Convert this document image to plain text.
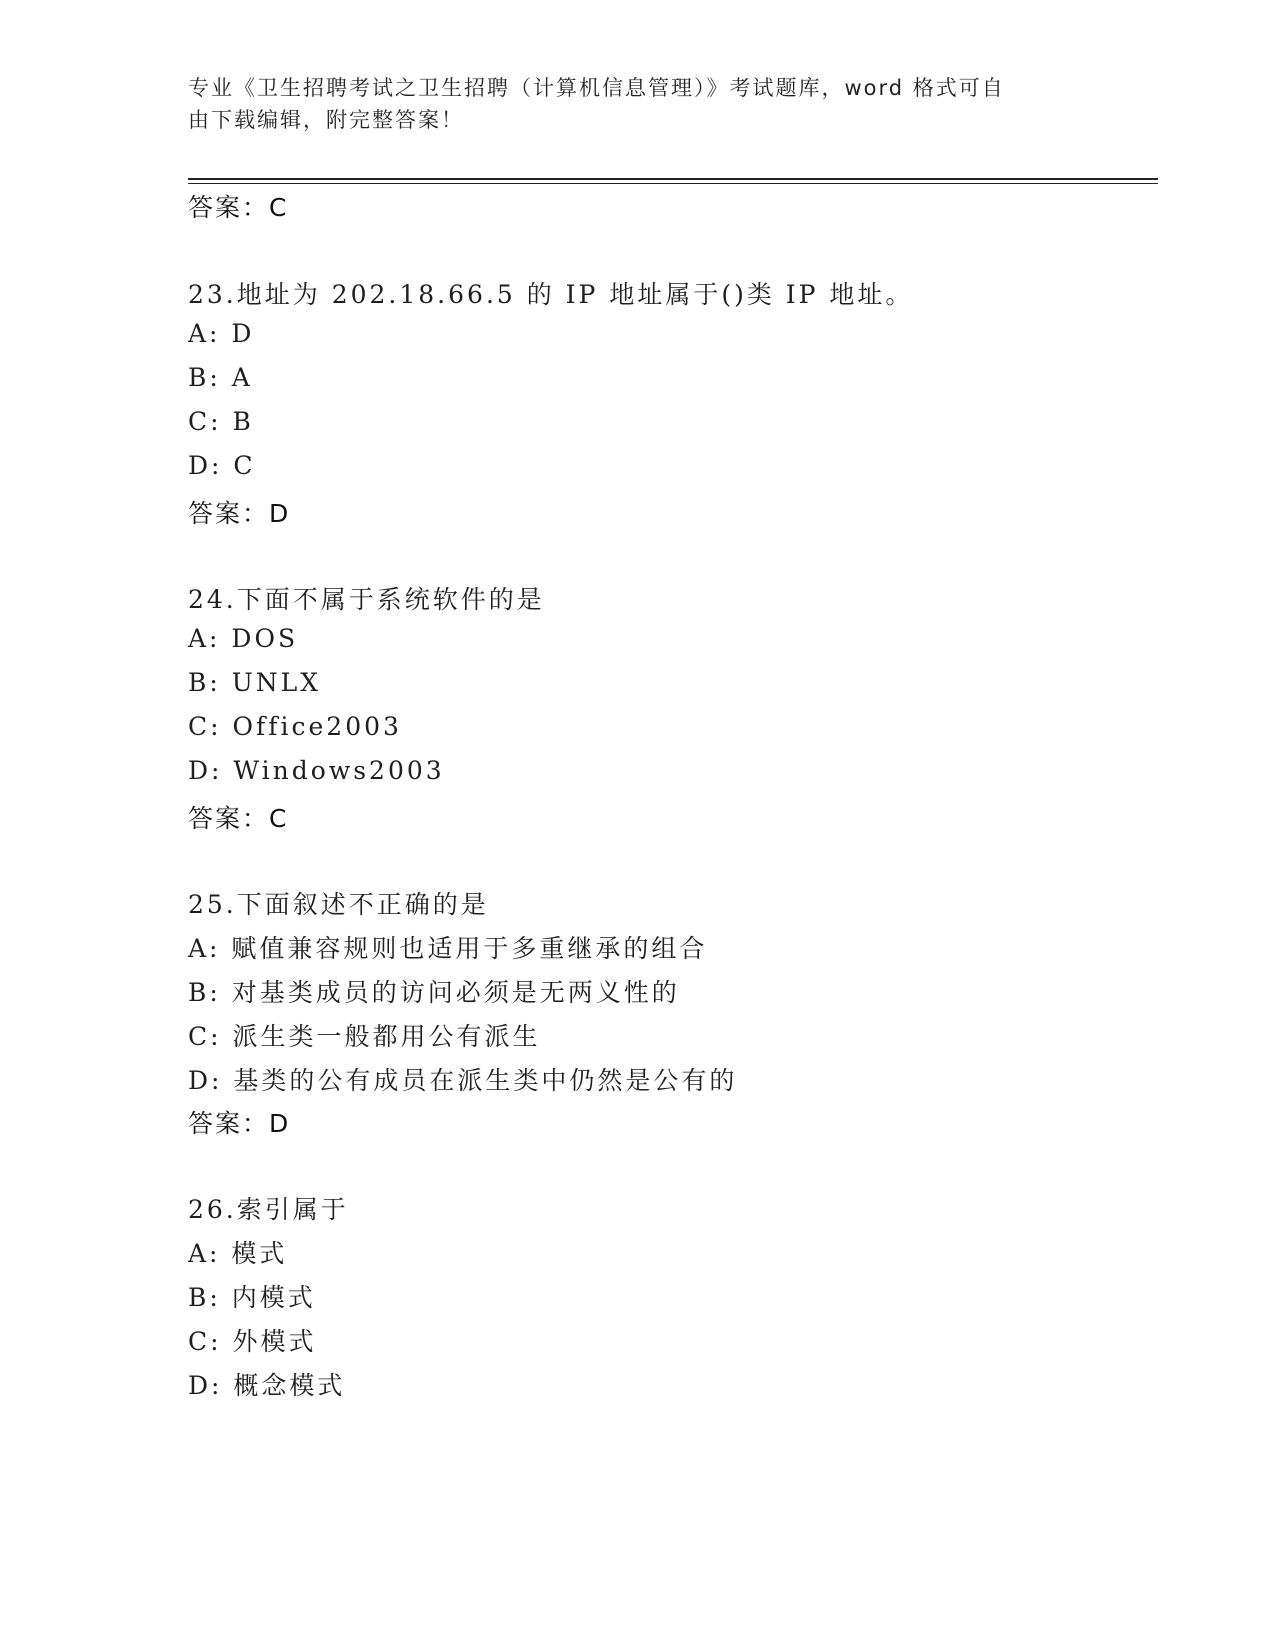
专业《卫生招聘考试之卫生招聘（计算机信息管理）》考试题库，word 格式可自
由下载编辑，附完整答案！
答案：C
23.地址为 202.18.66.5 的 IP 地址属于()类 IP 地址。
A: D
B: A
C: B
D: C
答案：D
24.下面不属于系统软件的是
A: DOS
B: UNLX
C: Office2003
D: Windows2003
答案：C
25.下面叙述不正确的是
A: 赋值兼容规则也适用于多重继承的组合
B: 对基类成员的访问必须是无两义性的
C: 派生类一般都用公有派生
D: 基类的公有成员在派生类中仍然是公有的
答案：D
26.索引属于
A: 模式
B: 内模式
C: 外模式
D: 概念模式
